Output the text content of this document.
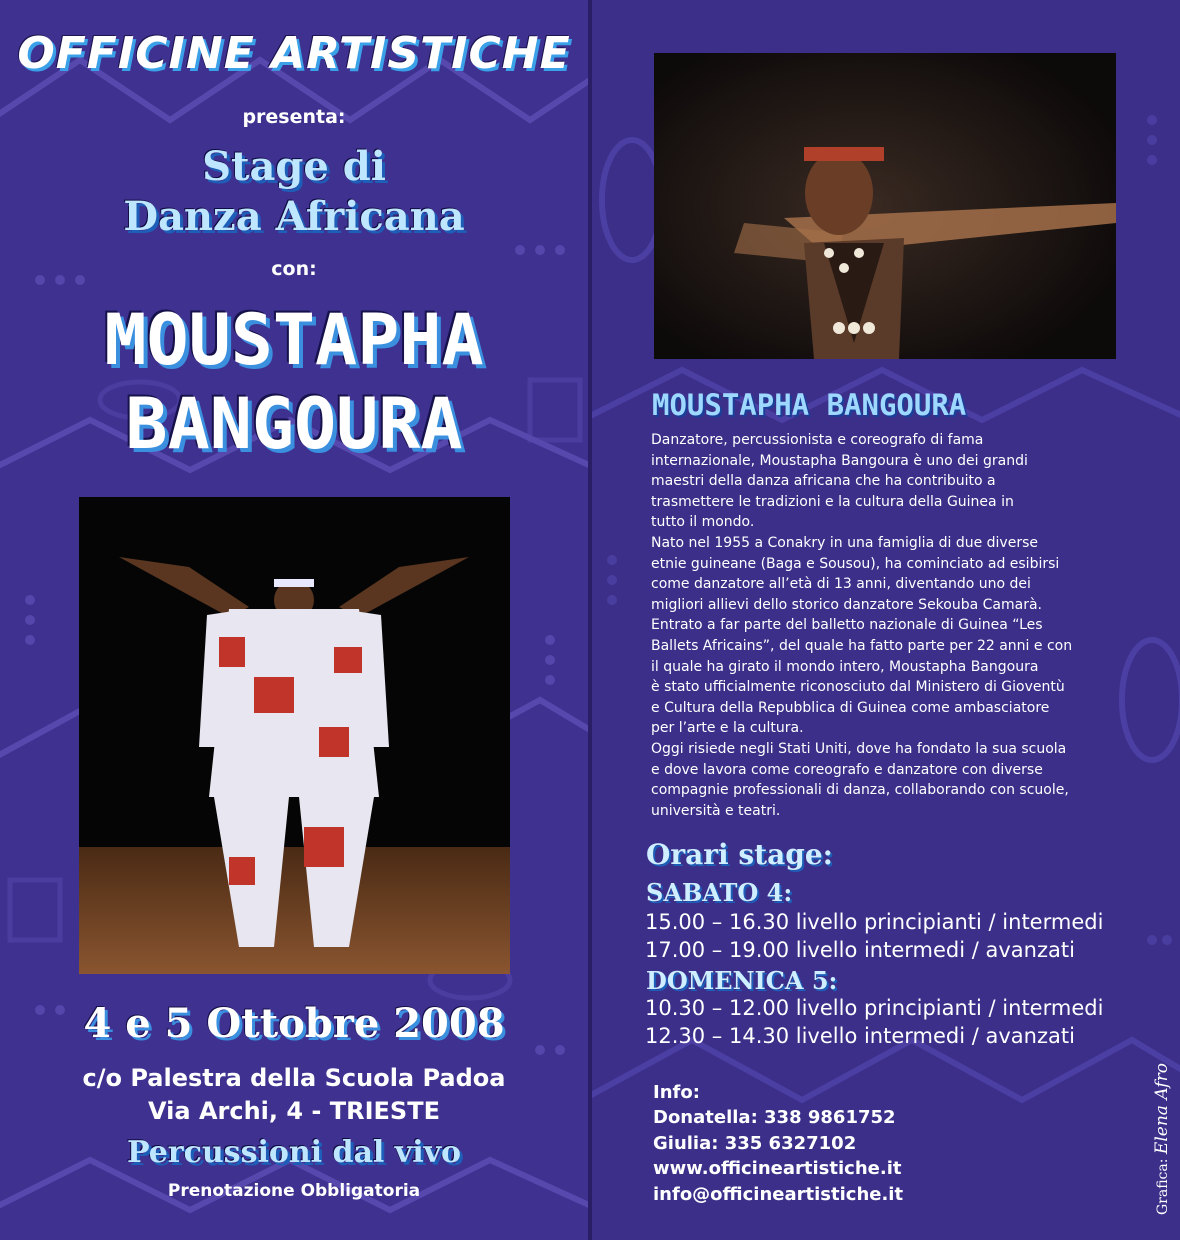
OFFICINE ARTISTICHE
presenta:
Stage di
Danza Africana
con:
MOUSTAPHA
BANGOURA
4 e 5 Ottobre 2008
c/o Palestra della Scuola Padoa
Via Archi, 4 - TRIESTE
Percussioni dal vivo
Prenotazione Obbligatoria
MOUSTAPHA BANGOURA
Danzatore, percussionista e coreografo di fama
internazionale, Moustapha Bangoura è uno dei grandi
maestri della danza africana che ha contribuito a
trasmettere le tradizioni e la cultura della Guinea in
tutto il mondo.
Nato nel 1955 a Conakry in una famiglia di due diverse
etnie guineane (Baga e Sousou), ha cominciato ad esibirsi
come danzatore all’età di 13 anni, diventando uno dei
migliori allievi dello storico danzatore Sekouba Camarà.
Entrato a far parte del balletto nazionale di Guinea “Les
Ballets Africains”, del quale ha fatto parte per 22 anni e con
il quale ha girato il mondo intero, Moustapha Bangoura
è stato ufficialmente riconosciuto dal Ministero di Gioventù
e Cultura della Repubblica di Guinea come ambasciatore
per l’arte e la cultura.
Oggi risiede negli Stati Uniti, dove ha fondato la sua scuola
e dove lavora come coreografo e danzatore con diverse
compagnie professionali di danza, collaborando con scuole,
università e teatri.
Orari stage:
SABATO 4:
15.00 – 16.30 livello principianti / intermedi
17.00 – 19.00 livello intermedi / avanzati
DOMENICA 5:
10.30 – 12.00 livello principianti / intermedi
12.30 – 14.30 livello intermedi / avanzati
Info:
Donatella: 338 9861752
Giulia: 335 6327102
www.officineartistiche.it
info@officineartistiche.it	Grafica: Elena Afro
